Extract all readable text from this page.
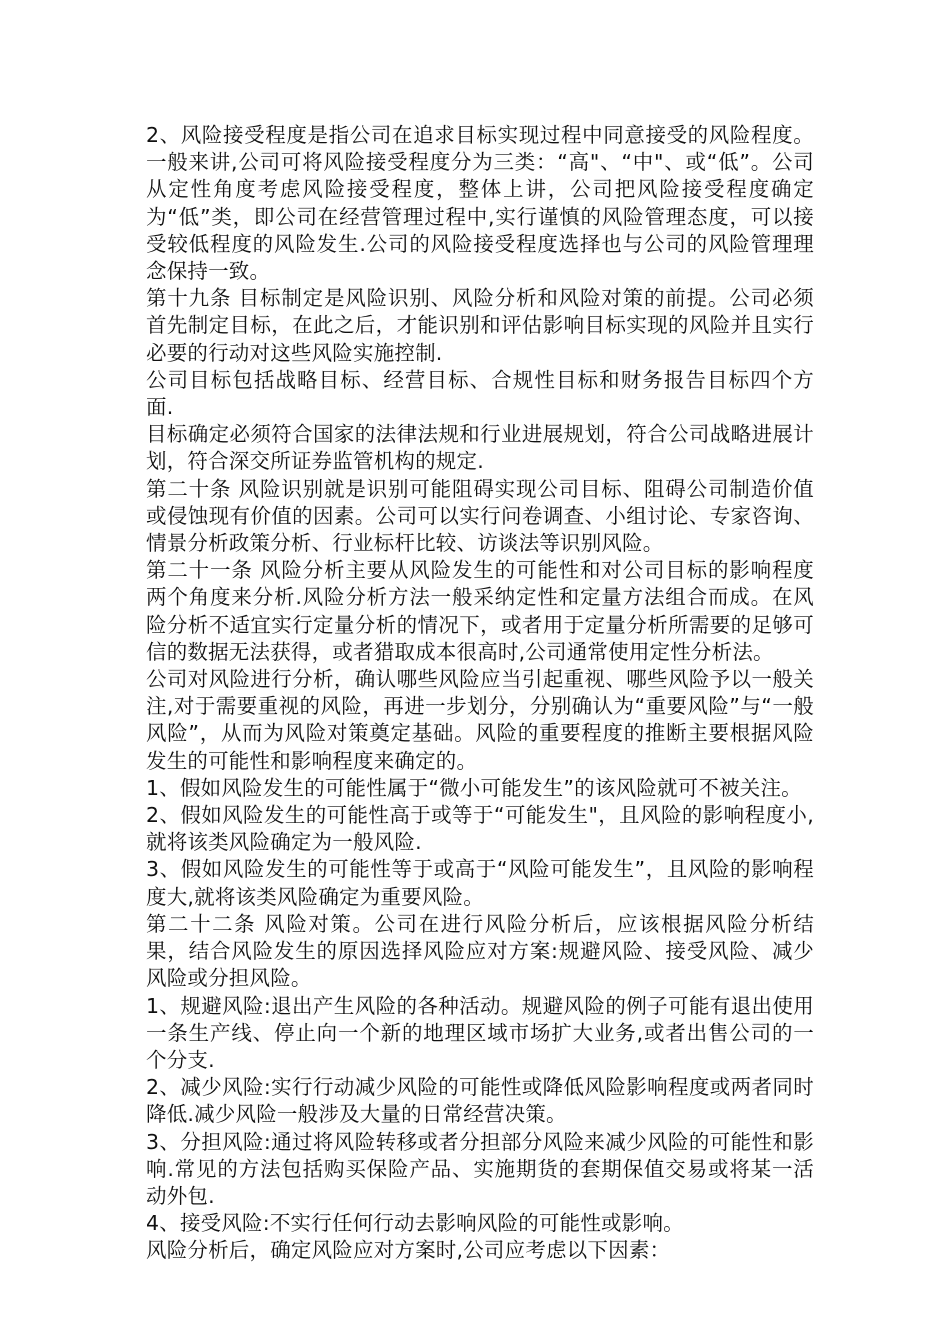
2、风险接受程度是指公司在追求目标实现过程中同意接受的风险程度。一般来讲,公司可将风险接受程度分为三类：“高"、“中"、或“低”。公司从定性角度考虑风险接受程度，整体上讲，公司把风险接受程度确定为“低”类，即公司在经营管理过程中,实行谨慎的风险管理态度，可以接受较低程度的风险发生.公司的风险接受程度选择也与公司的风险管理理念保持一致。

第十九条 目标制定是风险识别、风险分析和风险对策的前提。公司必须首先制定目标，在此之后，才能识别和评估影响目标实现的风险并且实行必要的行动对这些风险实施控制.

公司目标包括战略目标、经营目标、合规性目标和财务报告目标四个方面.

目标确定必须符合国家的法律法规和行业进展规划，符合公司战略进展计划，符合深交所证券监管机构的规定.

第二十条 风险识别就是识别可能阻碍实现公司目标、阻碍公司制造价值或侵蚀现有价值的因素。公司可以实行问卷调查、小组讨论、专家咨询、情景分析政策分析、行业标杆比较、访谈法等识别风险。

第二十一条 风险分析主要从风险发生的可能性和对公司目标的影响程度两个角度来分析.风险分析方法一般采纳定性和定量方法组合而成。在风险分析不适宜实行定量分析的情况下，或者用于定量分析所需要的足够可信的数据无法获得，或者猎取成本很高时,公司通常使用定性分析法。

公司对风险进行分析，确认哪些风险应当引起重视、哪些风险予以一般关注,对于需要重视的风险，再进一步划分，分别确认为“重要风险”与“一般风险”，从而为风险对策奠定基础。风险的重要程度的推断主要根据风险发生的可能性和影响程度来确定的。

1、假如风险发生的可能性属于“微小可能发生”的该风险就可不被关注。

2、假如风险发生的可能性高于或等于“可能发生"，且风险的影响程度小,就将该类风险确定为一般风险.

3、假如风险发生的可能性等于或高于“风险可能发生”，且风险的影响程度大,就将该类风险确定为重要风险。

第二十二条 风险对策。公司在进行风险分析后，应该根据风险分析结果，结合风险发生的原因选择风险应对方案:规避风险、接受风险、减少风险或分担风险。

1、规避风险:退出产生风险的各种活动。规避风险的例子可能有退出使用一条生产线、停止向一个新的地理区域市场扩大业务,或者出售公司的一个分支.

2、减少风险:实行行动减少风险的可能性或降低风险影响程度或两者同时降低.减少风险一般涉及大量的日常经营决策。

3、分担风险:通过将风险转移或者分担部分风险来减少风险的可能性和影响.常见的方法包括购买保险产品、实施期货的套期保值交易或将某一活动外包.

4、接受风险:不实行任何行动去影响风险的可能性或影响。

风险分析后，确定风险应对方案时,公司应考虑以下因素：
